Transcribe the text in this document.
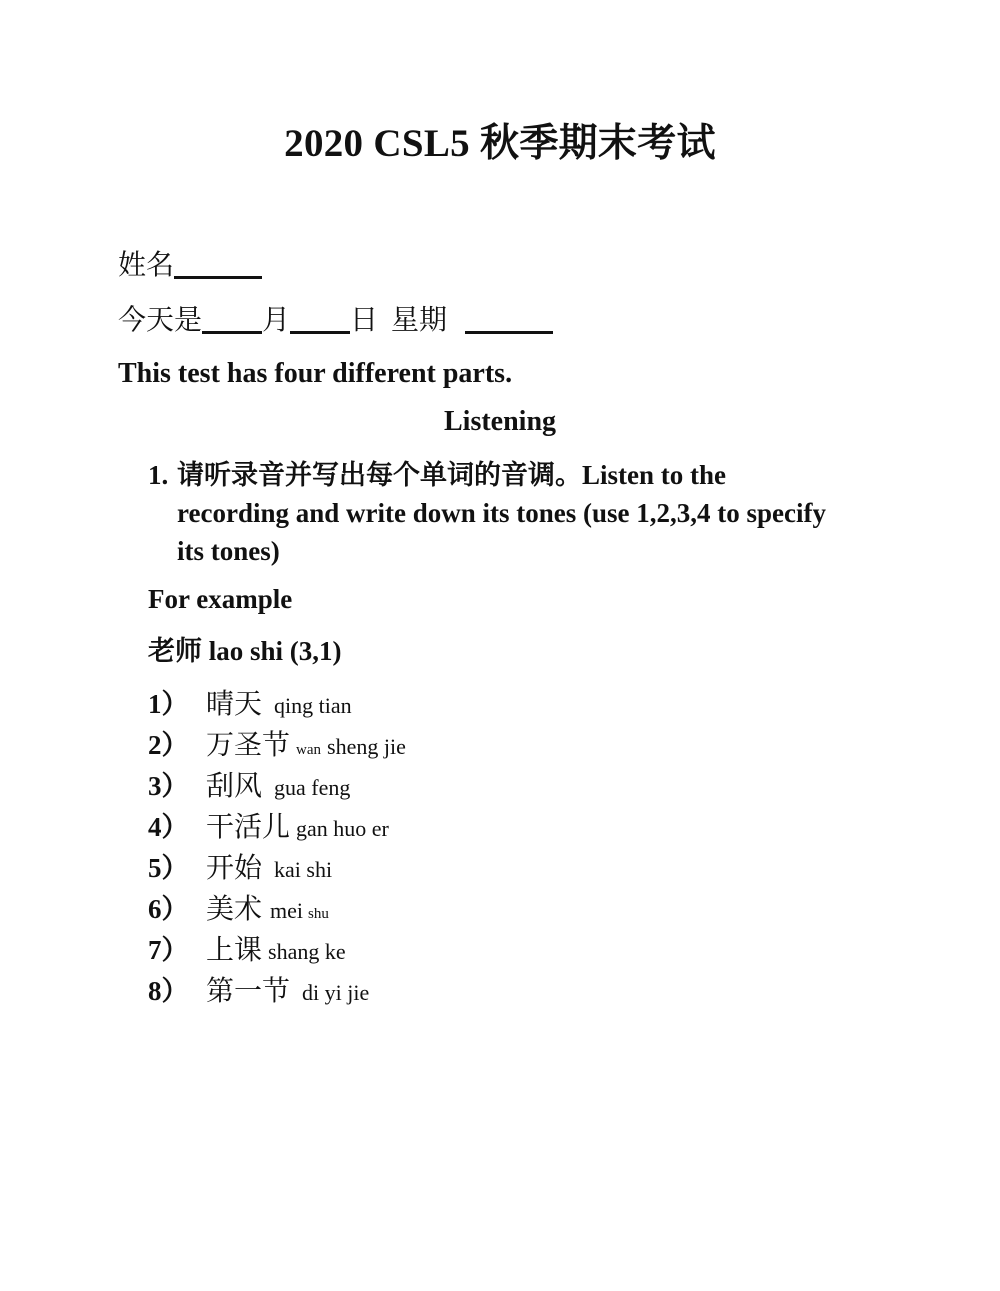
2020 CSL5 秋季期末考试
姓名
今天是 月 日 星期
This test has four different parts.
Listening
1. 请听录音并写出每个单词的音调。Listen to the recording and write down its tones (use 1,2,3,4 to specify its tones)
For example
老师 lao shi (3,1)
1） 晴天 qing tian
2） 万圣节 wan sheng jie
3） 刮风 gua feng
4） 干活儿 gan huo er
5） 开始 kai shi
6） 美术 mei shu
7） 上课 shang ke
8） 第一节 di yi jie
